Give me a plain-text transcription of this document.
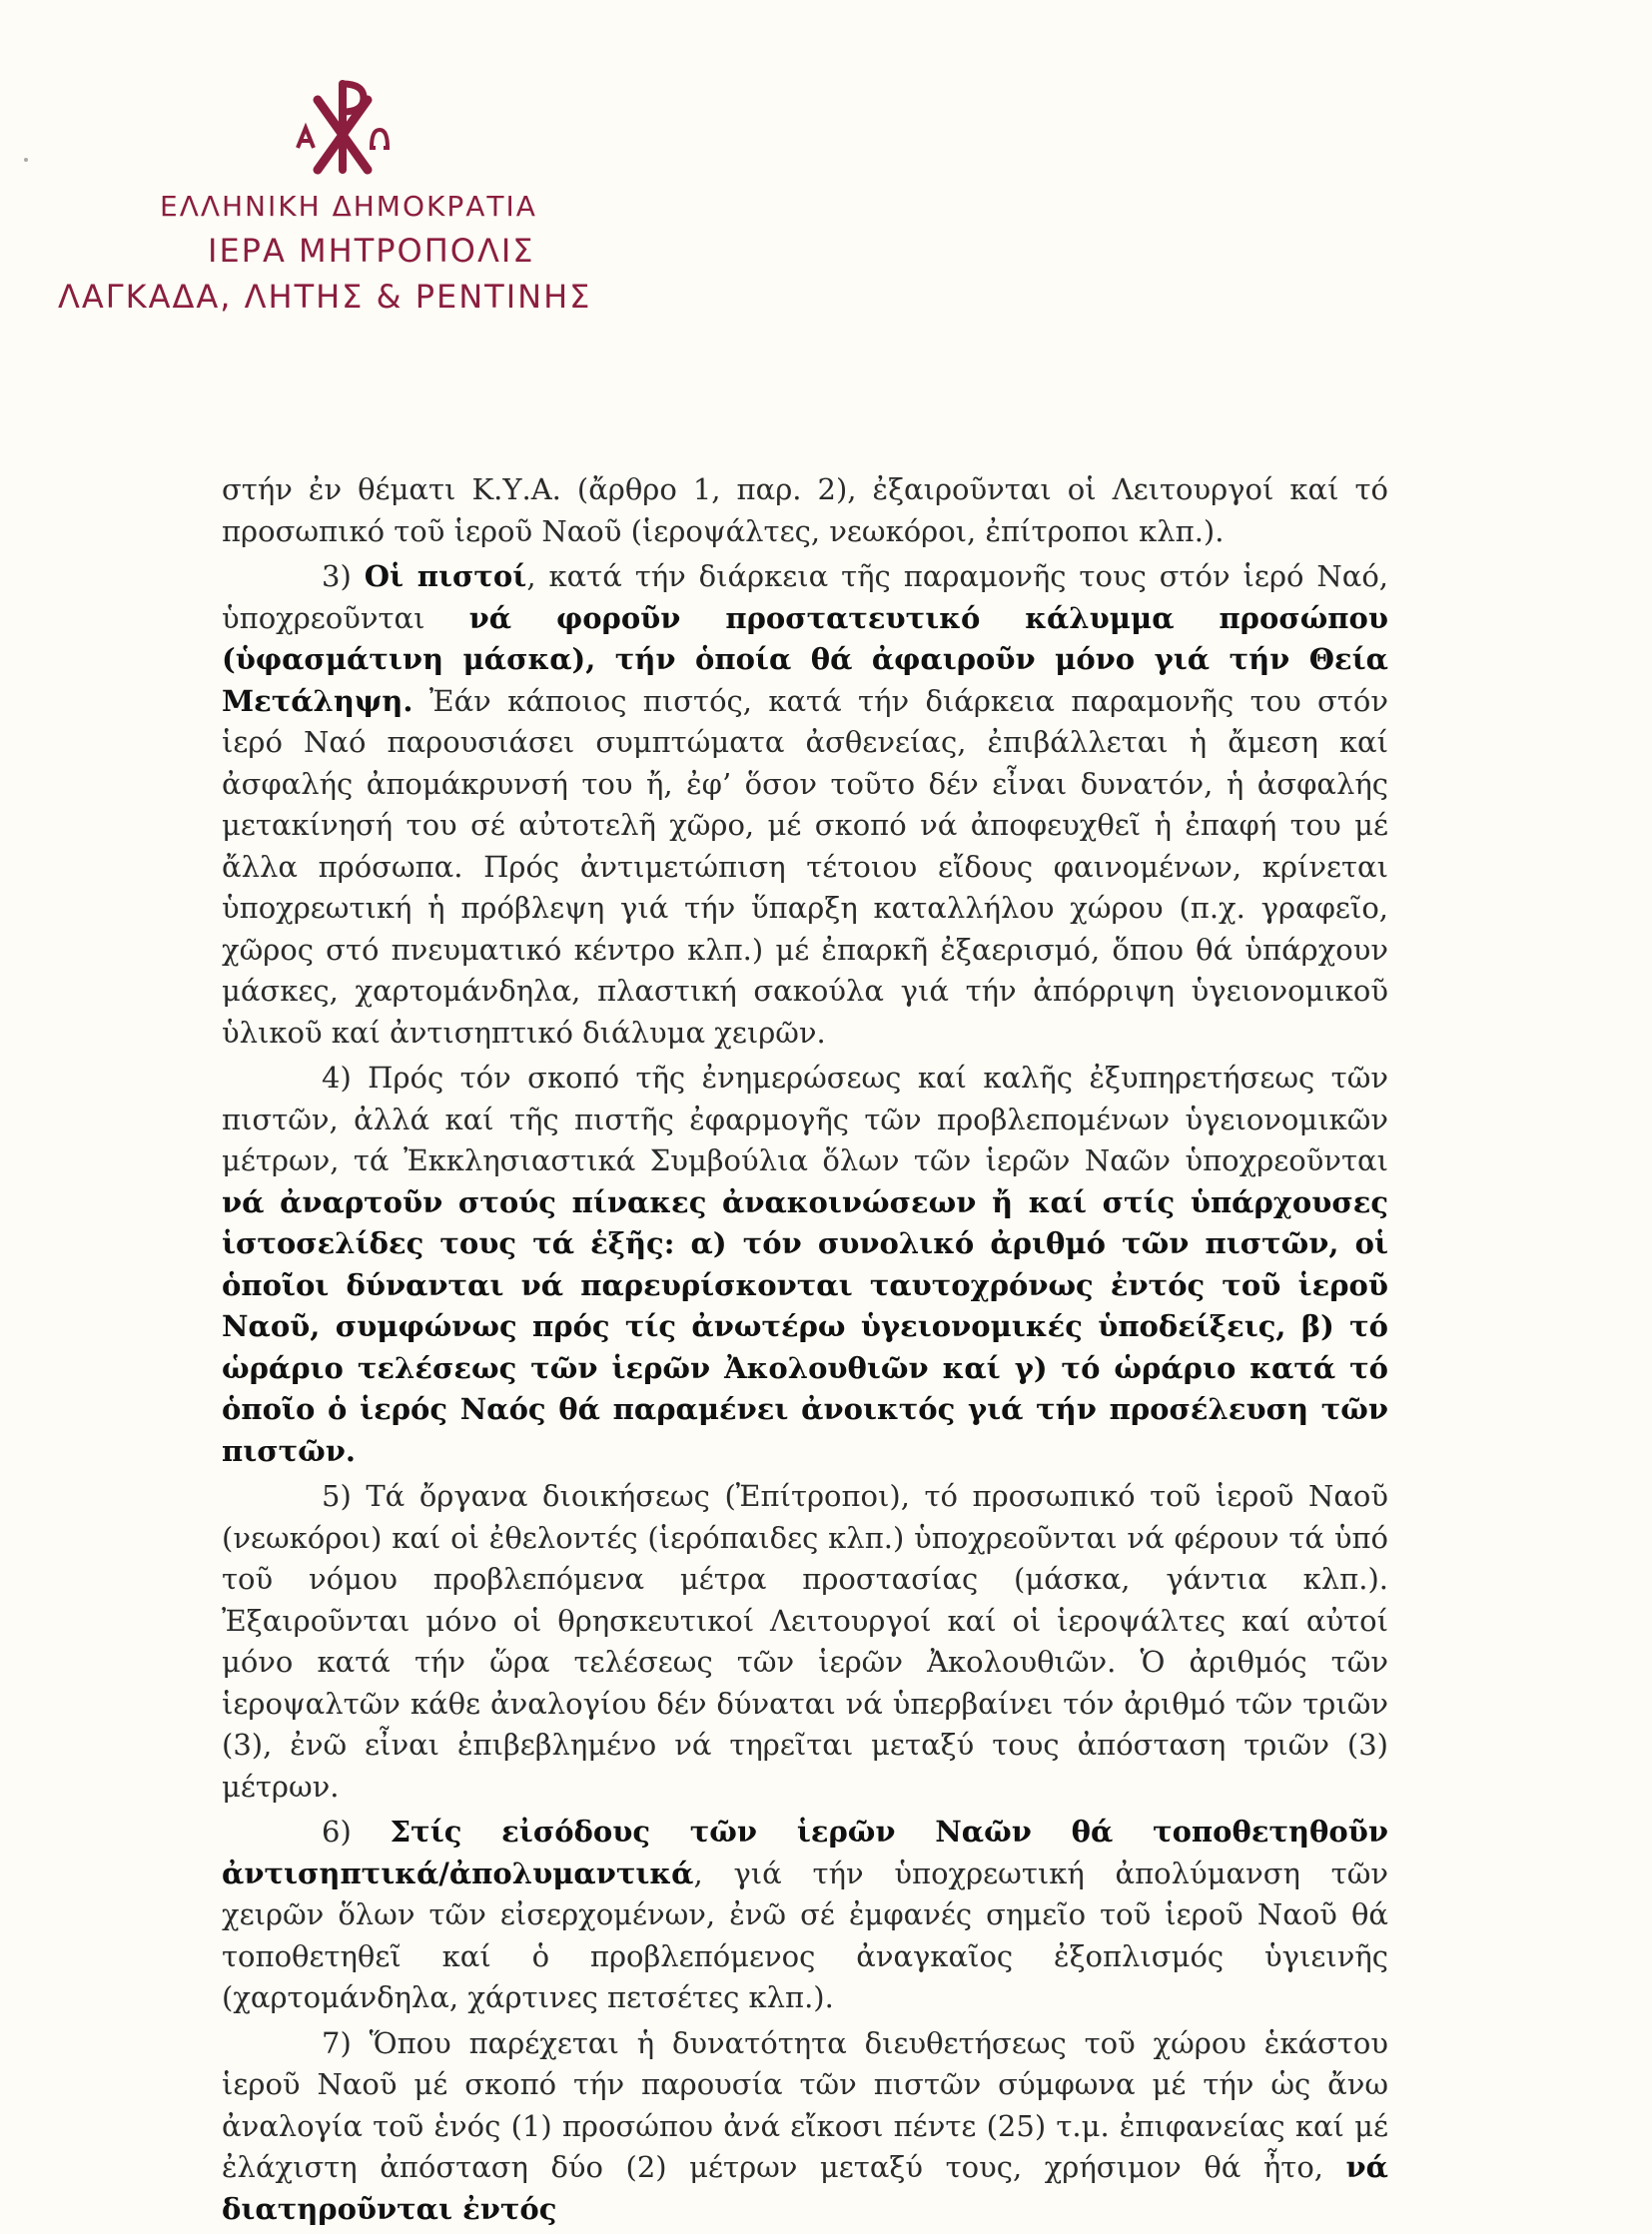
ΕΛΛΗΝΙΚΗ ΔΗΜΟΚΡΑΤΙΑ
ΙΕΡΑ ΜΗΤΡΟΠΟΛΙΣ
ΛΑΓΚΑΔΑ, ΛΗΤΗΣ & ΡΕΝΤΙΝΗΣ

στήν ἐν θέματι Κ.Υ.Α. (ἄρθρο 1, παρ. 2), ἐξαιροῦνται οἱ Λειτουργοί καί τό προσωπικό τοῦ ἱεροῦ Ναοῦ (ἱεροψάλτες, νεωκόροι, ἐπίτροποι κλπ.).

3) Οἱ πιστοί, κατά τήν διάρκεια τῆς παραμονῆς τους στόν ἱερό Ναό, ὑποχρεοῦνται νά φοροῦν προστατευτικό κάλυμμα προσώπου (ὑφασμάτινη μάσκα), τήν ὁποία θά ἀφαιροῦν μόνο γιά τήν Θεία Μετάληψη. Ἐάν κάποιος πιστός, κατά τήν διάρκεια παραμονῆς του στόν ἱερό Ναό παρουσιάσει συμπτώματα ἀσθενείας, ἐπιβάλλεται ἡ ἄμεση καί ἀσφαλής ἀπομάκρυνσή του ἤ, ἐφ’ ὅσον τοῦτο δέν εἶναι δυνατόν, ἡ ἀσφαλής μετακίνησή του σέ αὐτοτελῆ χῶρο, μέ σκοπό νά ἀποφευχθεῖ ἡ ἐπαφή του μέ ἄλλα πρόσωπα. Πρός ἀντιμετώπιση τέτοιου εἴδους φαινομένων, κρίνεται ὑποχρεωτική ἡ πρόβλεψη γιά τήν ὕπαρξη καταλλήλου χώρου (π.χ. γραφεῖο, χῶρος στό πνευματικό κέντρο κλπ.) μέ ἐπαρκῆ ἐξαερισμό, ὅπου θά ὑπάρχουν μάσκες, χαρτομάνδηλα, πλαστική σακούλα γιά τήν ἀπόρριψη ὑγειονομικοῦ ὑλικοῦ καί ἀντισηπτικό διάλυμα χειρῶν.

4) Πρός τόν σκοπό τῆς ἐνημερώσεως καί καλῆς ἐξυπηρετήσεως τῶν πιστῶν, ἀλλά καί τῆς πιστῆς ἐφαρμογῆς τῶν προβλεπομένων ὑγειονομικῶν μέτρων, τά Ἐκκλησιαστικά Συμβούλια ὅλων τῶν ἱερῶν Ναῶν ὑποχρεοῦνται νά ἀναρτοῦν στούς πίνακες ἀνακοινώσεων ἤ καί στίς ὑπάρχουσες ἱστοσελίδες τους τά ἑξῆς: α) τόν συνολικό ἀριθμό τῶν πιστῶν, οἱ ὁποῖοι δύνανται νά παρευρίσκονται ταυτοχρόνως ἐντός τοῦ ἱεροῦ Ναοῦ, συμφώνως πρός τίς ἀνωτέρω ὑγειονομικές ὑποδείξεις, β) τό ὡράριο τελέσεως τῶν ἱερῶν Ἀκολουθιῶν καί γ) τό ὡράριο κατά τό ὁποῖο ὁ ἱερός Ναός θά παραμένει ἀνοικτός γιά τήν προσέλευση τῶν πιστῶν.

5) Τά ὄργανα διοικήσεως (Ἐπίτροποι), τό προσωπικό τοῦ ἱεροῦ Ναοῦ (νεωκόροι) καί οἱ ἐθελοντές (ἱερόπαιδες κλπ.) ὑποχρεοῦνται νά φέρουν τά ὑπό τοῦ νόμου προβλεπόμενα μέτρα προστασίας (μάσκα, γάντια κλπ.). Ἐξαιροῦνται μόνο οἱ θρησκευτικοί Λειτουργοί καί οἱ ἱεροψάλτες καί αὐτοί μόνο κατά τήν ὥρα τελέσεως τῶν ἱερῶν Ἀκολουθιῶν. Ὁ ἀριθμός τῶν ἱεροψαλτῶν κάθε ἀναλογίου δέν δύναται νά ὑπερβαίνει τόν ἀριθμό τῶν τριῶν (3), ἐνῶ εἶναι ἐπιβεβλημένο νά τηρεῖται μεταξύ τους ἀπόσταση τριῶν (3) μέτρων.

6) Στίς εἰσόδους τῶν ἱερῶν Ναῶν θά τοποθετηθοῦν ἀντισηπτικά/ἀπολυμαντικά, γιά τήν ὑποχρεωτική ἀπολύμανση τῶν χειρῶν ὅλων τῶν εἰσερχομένων, ἐνῶ σέ ἐμφανές σημεῖο τοῦ ἱεροῦ Ναοῦ θά τοποθετηθεῖ καί ὁ προβλεπόμενος ἀναγκαῖος ἐξοπλισμός ὑγιεινῆς (χαρτομάνδηλα, χάρτινες πετσέτες κλπ.).

7) Ὅπου παρέχεται ἡ δυνατότητα διευθετήσεως τοῦ χώρου ἑκάστου ἱεροῦ Ναοῦ μέ σκοπό τήν παρουσία τῶν πιστῶν σύμφωνα μέ τήν ὡς ἄνω ἀναλογία τοῦ ἑνός (1) προσώπου ἀνά εἴκοσι πέντε (25) τ.μ. ἐπιφανείας καί μέ ἐλάχιστη ἀπόσταση δύο (2) μέτρων μεταξύ τους, χρήσιμον θά ἦτο, νά διατηροῦνται ἐντός
